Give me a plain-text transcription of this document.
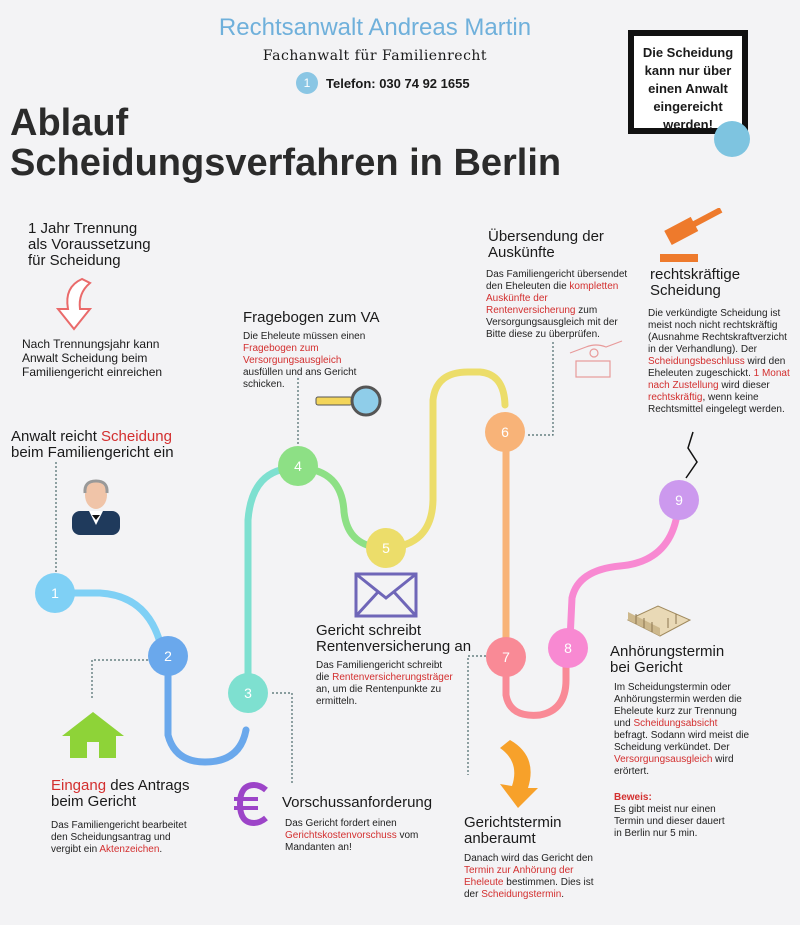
Rechtsanwalt Andreas Martin
Fachanwalt für Familienrecht
1	Telefon: 030 74 92 1655
Ablauf
Scheidungsverfahren in Berlin
Die Scheidung kann nur über einen Anwalt eingereicht werden!
1
2
3
4
5
6
7
8
9
1 Jahr Trennung
als Voraussetzung
für Scheidung
Nach Trennungsjahr kann Anwalt Scheidung beim Familiengericht einreichen
Anwalt reicht Scheidung
beim Familiengericht ein
Eingang des Antrags beim Gericht
Das Familiengericht bearbeitet den Scheidungsantrag und vergibt ein Aktenzeichen.
Vorschussanforderung
Das Gericht fordert einen Gerichtskostenvorschuss vom Mandanten an!
Fragebogen zum VA
Die Eheleute müssen einen Fragebogen zum Versorgungsausgleich ausfüllen und ans Gericht schicken.
Gericht schreibt
Rentenversicherung an
Das Familiengericht schreibt die Rentenversicherungsträger an, um die Rentenpunkte zu ermitteln.
Übersendung der
Auskünfte
Das Familiengericht übersendet den Eheleuten die kompletten Auskünfte der Rentenversicherung zum Versorgungsausgleich mit der Bitte diese zu überprüfen.
Gerichtstermin
anberaumt
Danach wird das Gericht den Termin zur Anhörung der Eheleute bestimmen. Dies ist der Scheidungstermin.
Anhörungstermin
bei Gericht
Im Scheidungstermin oder Anhörungstermin werden die Eheleute kurz zur Trennung und Scheidungsabsicht befragt. Sodann wird meist die Scheidung verkündet. Der Versorgungsausgleich wird erörtert.
Beweis:
Es gibt meist nur einen Termin und dieser dauert in Berlin nur 5 min.
rechtskräftige
Scheidung
Die verkündigte Scheidung ist meist noch nicht rechtskräftig (Ausnahme Rechtskraftverzicht in der Verhandlung). Der Scheidungsbeschluss wird den Eheleuten zugeschickt. 1 Monat nach Zustellung wird dieser rechtskräftig, wenn keine Rechtsmittel eingelegt werden.
